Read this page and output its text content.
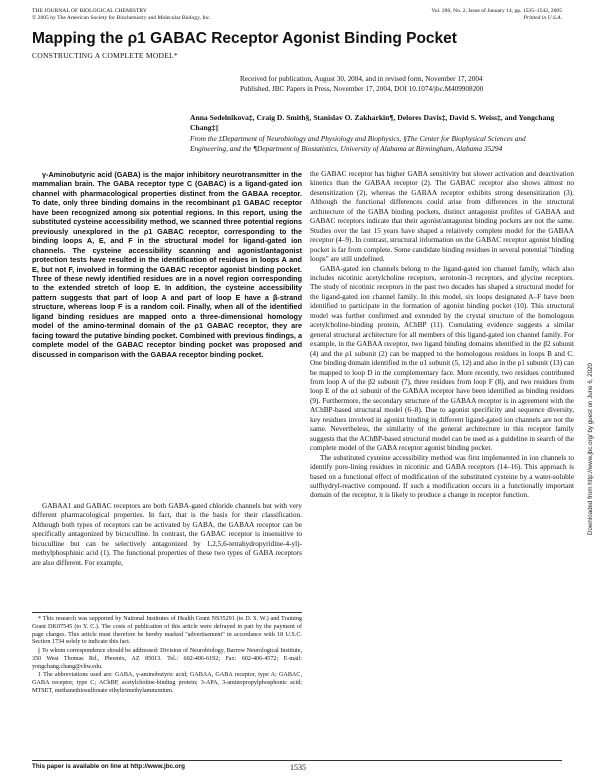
THE JOURNAL OF BIOLOGICAL CHEMISTRY
© 2005 by The American Society for Biochemistry and Molecular Biology, Inc.
Vol. 280, No. 2, Issue of January 14, pp. 1535–1542, 2005
Printed in U.S.A.
Mapping the ρ1 GABAC Receptor Agonist Binding Pocket
CONSTRUCTING A COMPLETE MODEL*
Received for publication, August 30, 2004, and in revised form, November 17, 2004
Published, JBC Papers in Press, November 17, 2004, DOI 10.1074/jbc.M409908200
Anna Sedelnikova‡, Craig D. Smith§, Stanislav O. Zakharkin¶, Delores Davis‡, David S. Weiss‡, and Yongchang Chang‡||
From the ‡Department of Neurobiology and Physiology and Biophysics, §The Center for Biophysical Sciences and Engineering, and the ¶Department of Biostatistics, University of Alabama at Birmingham, Alabama 35294

γ-Aminobutyric acid (GABA) is the major inhibitory neurotransmitter in the mammalian brain. The GABA receptor type C (GABAC) is a ligand-gated ion channel with pharmacological properties distinct from the GABAA receptor. To date, only three binding domains in the recombinant ρ1 GABAC receptor have been recognized among six potential regions. In this report, using the substituted cysteine accessibility method, we scanned three potential regions previously unexplored in the ρ1 GABAC receptor, corresponding to the binding loops A, E, and F in the structural model for ligand-gated ion channels. The cysteine accessibility scanning and agonist/antagonist protection tests have resulted in the identification of residues in loops A and E, but not F, involved in forming the GABAC receptor agonist binding pocket. Three of these newly identified residues are in a novel region corresponding to the extended stretch of loop E. In addition, the cysteine accessibility pattern suggests that part of loop A and part of loop E have a β-strand structure, whereas loop F is a random coil. Finally, when all of the identified ligand binding residues are mapped onto a three-dimensional homology model of the amino-terminal domain of the ρ1 GABAC receptor, they are facing toward the putative binding pocket. Combined with previous findings, a complete model of the GABAC receptor binding pocket was proposed and discussed in comparison with the GABAA receptor binding pocket.

GABAA1 and GABAC receptors are both GABA-gated chloride channels but with very different pharmacological properties. In fact, that is the basis for their classification. Although both types of receptors can be activated by GABA, the GABAA receptor can be specifically antagonized by bicuculline. In contrast, the GABAC receptor is insensitive to bicuculline but can be selectively antagonized by 1,2,5,6-tetrahydropyridine-4-yl)-methylphosphinic acid (1). The functional properties of these two types of GABA receptors are also different. For example,

* This research was supported by National Institutes of Health Grant NS35291 (to D. S. W.) and Training Grant DK07545 (to Y. C.). The costs of publication of this article were defrayed in part by the payment of page charges. This article must therefore be hereby marked "advertisement" in accordance with 18 U.S.C. Section 1734 solely to indicate this fact.

|| To whom correspondence should be addressed: Division of Neurobiology, Barrow Neurological Institute, 350 West Thomas Rd., Phoenix, AZ 85013. Tel.: 602-406-6192; Fax: 602-406-4572; E-mail: yongchang.chang@chw.edu.

1 The abbreviations used are: GABA, γ-aminobutyric acid; GABAA, GABA receptor, type A; GABAC, GABA receptor, type C; AChBP, acetylcholine-binding protein; 3-APA, 3-aminopropylphosphonic acid; MTSET, methanethiosulfonate ethyltrimethylammonium.

the GABAC receptor has higher GABA sensitivity but slower activation and deactivation kinetics than the GABAA receptor (2). The GABAC receptor also shows almost no desensitization (2), whereas the GABAA receptor exhibits strong desensitization (3). Although the functional differences could arise from differences in the structural architecture of the GABA binding pockets, distinct antagonist profiles of GABAA and GABAC receptors indicate that their agonist/antagonist binding pockets are not the same. Studies over the last 15 years have shaped a relatively complete model for the GABAA receptor (4–9). In contrast, structural information on the GABAC receptor agonist binding pocket is far from complete. Some candidate binding residues in several potential "binding loops" are still undefined.

GABA-gated ion channels belong to the ligand-gated ion channel family, which also includes nicotinic acetylcholine receptors, serotonin-3 receptors, and glycine receptors. The study of nicotinic receptors in the past two decades has shaped a structural model for the ligand-gated ion channel family. In this model, six loops designated A–F have been identified to participate in the formation of agonist binding pocket (10). This structural model was further confirmed and extended by the crystal structure of the homologous acetylcholine-binding protein, AChBP (11). Cumulating evidence suggests a similar general structural architecture for all members of this ligand-gated ion channel family. For example, in the GABAA receptor, two ligand binding domains identified in the β2 subunit (4) and the ρ1 subunit (2) can be mapped to the homologous residues in loops B and C. One binding domain identified in the α1 subunit (5, 12) and also in the ρ1 subunit (13) can be mapped to loop D in the complementary face. More recently, two residues contributed from loop A of the β2 subunit (7), three residues from loop F (8), and two residues from loop E of the α1 subunit of the GABAA receptor have been identified as binding residues (9). Furthermore, the secondary structure of the GABAA receptor is in agreement with the AChBP-based structural model (6–8). Due to agonist specificity and sequence diversity, key residues involved in agonist binding in different ligand-gated ion channels are not the same. Nevertheless, the similarity of the general architecture in this receptor family suggests that the AChBP-based structural model can be used as a guideline in search of the complete model of the GABA receptor agonist binding pocket.

The substituted cysteine accessibility method was first implemented in ion channels to identify pore-lining residues in nicotinic and GABA receptors (14–16). This approach is based on a functional effect of modification of the substituted cysteine by a water-soluble sulfhydryl-reactive compound. If such a modification occurs in a functionally important domain of the receptor, it is likely to produce a change in receptor function.	Downloaded from http://www.jbc.org/ by guest on June 6, 2020
This paper is available on line at http://www.jbc.org	1535
